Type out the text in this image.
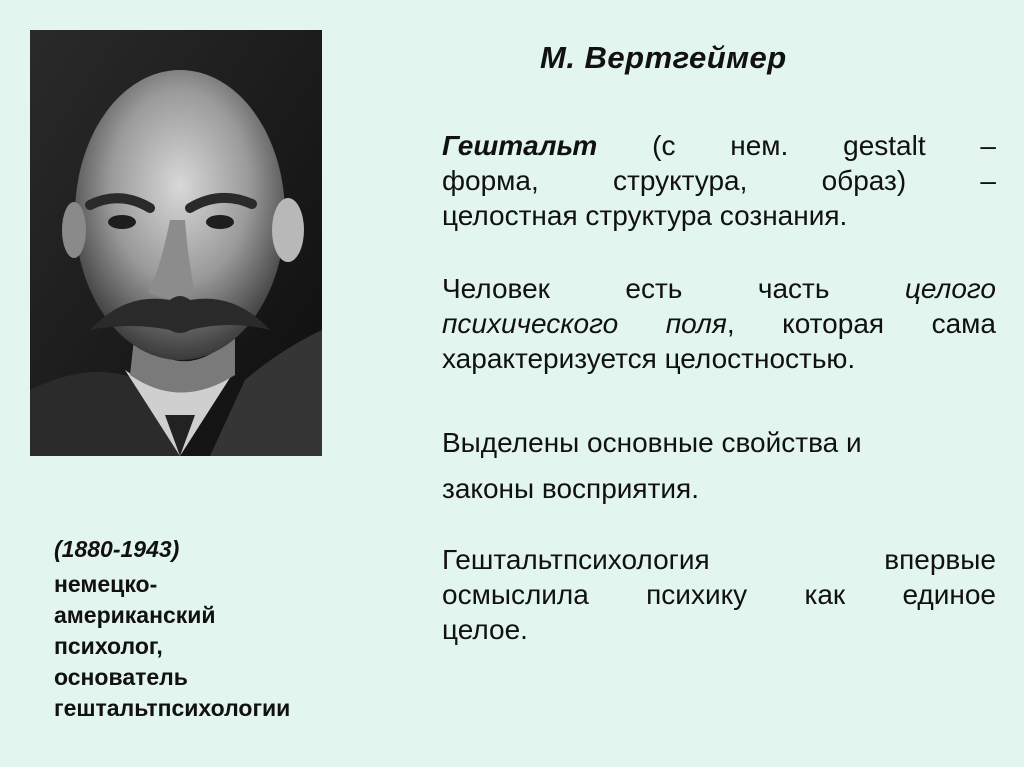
М. Вертгеймер
Гештальт (с нем. gestalt –
форма, структура, образ) –
целостная структура сознания.
Человек есть часть целого
психического поля, которая сама
характеризуется целостностью.
Выделены основные свойства и
законы восприятия.
Гештальтпсихология впервые
осмыслила психику как единое
целое.
(1880-1943)
немецко-
американский
психолог,
основатель
гештальтпсихологии
